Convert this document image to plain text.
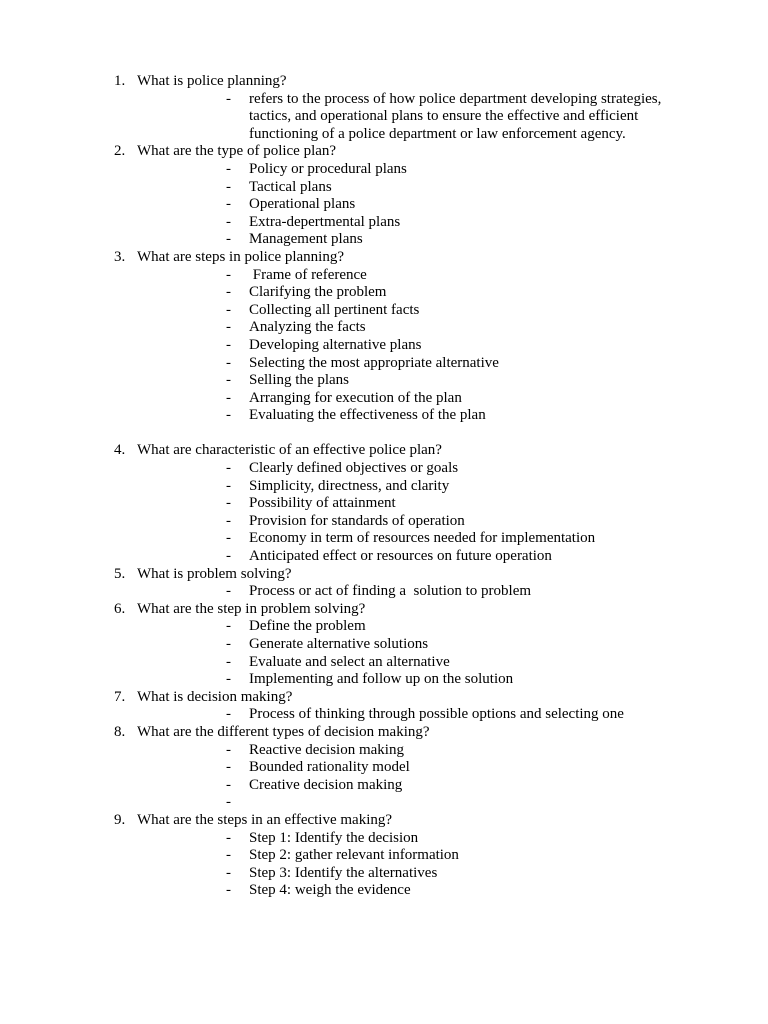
1. What is police planning?
- refers to the process of how police department developing strategies, tactics, and operational plans to ensure the effective and efficient functioning of a police department or law enforcement agency.
2. What are the type of police plan?
- Policy or procedural plans
- Tactical plans
- Operational plans
- Extra-depertmental plans
- Management plans
3. What are steps in police planning?
- Frame of reference
- Clarifying the problem
- Collecting all pertinent facts
- Analyzing the facts
- Developing alternative plans
- Selecting the most appropriate alternative
- Selling the plans
- Arranging for execution of the plan
- Evaluating the effectiveness of the plan
4. What are characteristic of an effective police plan?
- Clearly defined objectives or goals
- Simplicity, directness, and clarity
- Possibility of attainment
- Provision for standards of operation
- Economy in term of resources needed for implementation
- Anticipated effect or resources on future operation
5. What is problem solving?
- Process or act of finding a  solution to problem
6. What are the step in problem solving?
- Define the problem
- Generate alternative solutions
- Evaluate and select an alternative
- Implementing and follow up on the solution
7. What is decision making?
- Process of thinking through possible options and selecting one
8. What are the different types of decision making?
- Reactive decision making
- Bounded rationality model
- Creative decision making
-
9. What are the steps in an effective making?
- Step 1: Identify the decision
- Step 2: gather relevant information
- Step 3: Identify the alternatives
- Step 4: weigh the evidence
